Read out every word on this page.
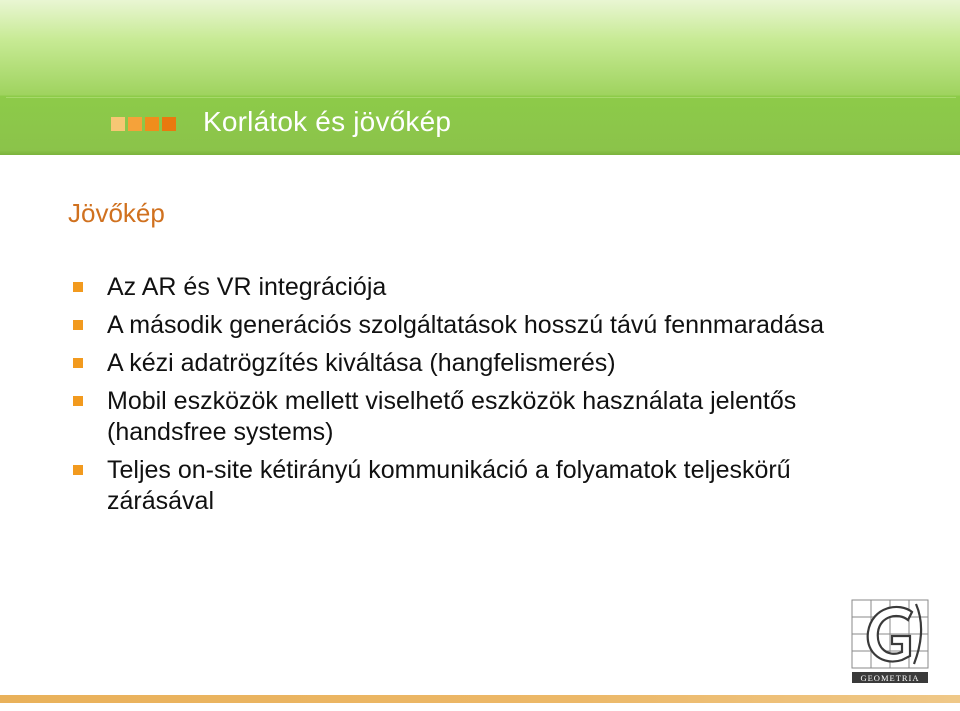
Korlátok és jövőkép
Jövőkép
Az AR és VR integrációja
A második generációs szolgáltatások hosszú távú fennmaradása
A kézi adatrögzítés kiváltása (hangfelismerés)
Mobil eszközök mellett viselhető eszközök használata jelentős (handsfree systems)
Teljes on-site kétirányú kommunikáció a folyamatok teljeskörű zárásával
GEOMETRIA
